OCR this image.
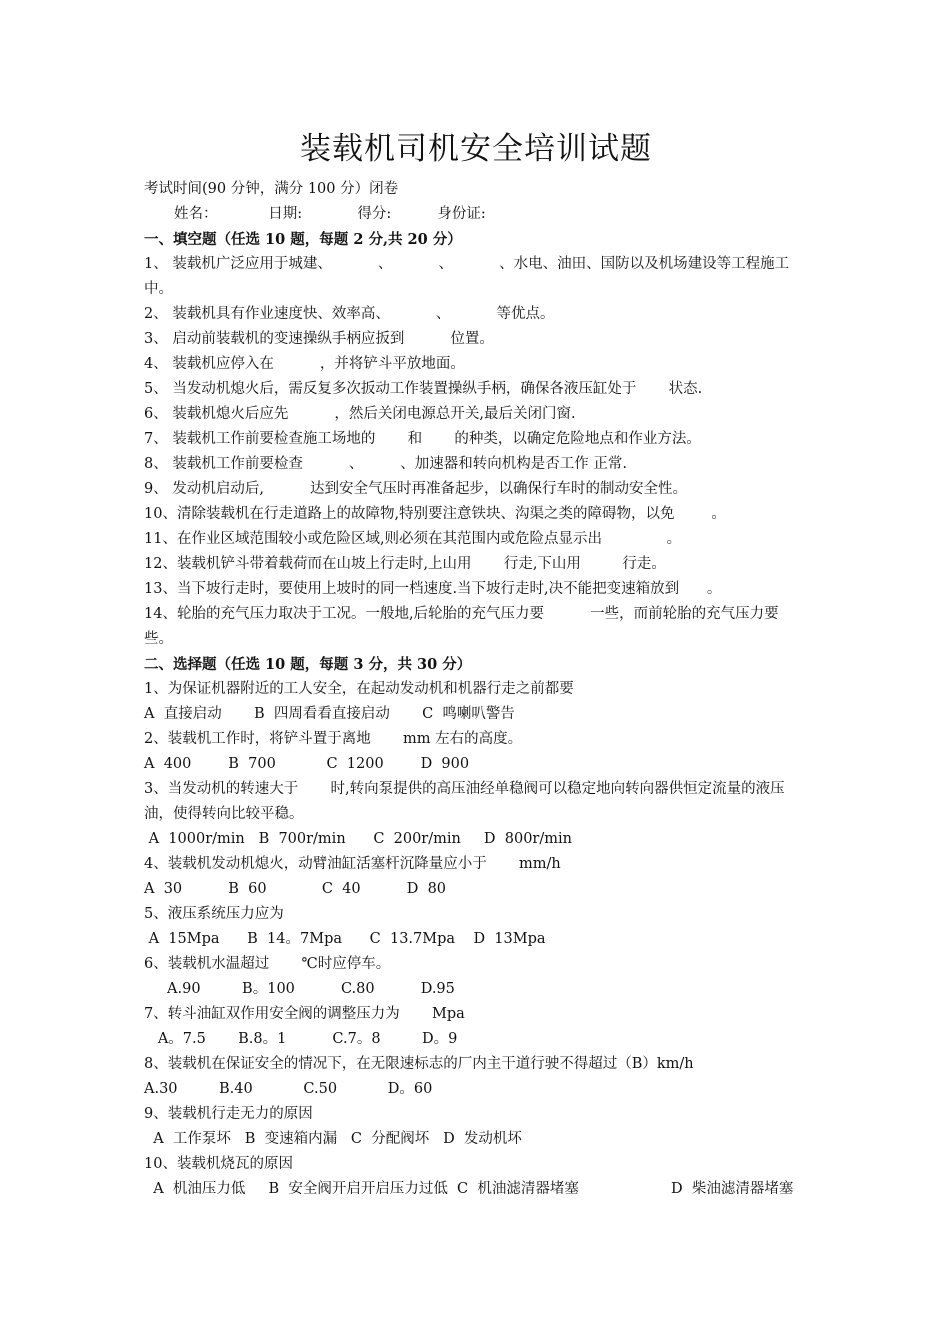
装载机司机安全培训试题

考试时间(90 分钟，满分 100 分）闭卷

姓名：           日期:            得分:          身份证:

一、填空题（任选 10 题，每题 2 分,共 20 分）

1、 装载机广泛应用于城建、          、          、          、水电、油田、国防以及机场建设等工程施工中。

2、 装载机具有作业速度快、效率高、          、          等优点。

3、 启动前装载机的变速操纵手柄应扳到          位置。

4、 装载机应停入在          ，并将铲斗平放地面。

5、 当发动机熄火后，需反复多次扳动工作装置操纵手柄，确保各液压缸处于       状态.

6、 装载机熄火后应先          ，然后关闭电源总开关,最后关闭门窗.

7、 装载机工作前要检查施工场地的       和       的种类，以确定危险地点和作业方法。

8、 装载机工作前要检查          、        、加速器和转向机构是否工作 正常.

9、 发动机启动后,          达到安全气压时再准备起步，以确保行车时的制动安全性。

10、清除装载机在行走道路上的故障物,特别要注意铁块、沟渠之类的障碍物，以免        。

11、在作业区域范围较小或危险区域,则必须在其范围内或危险点显示出              。

12、装载机铲斗带着载荷而在山坡上行走时,上山用       行走,下山用         行走。

13、当下坡行走时，要使用上坡时的同一档速度.当下坡行走时,决不能把变速箱放到      。

14、轮胎的充气压力取决于工况。一般地,后轮胎的充气压力要          一些，而前轮胎的充气压力要         些。

二、选择题（任选 10 题，每题 3 分，共 30 分）

1、为保证机器附近的工人安全，在起动发动机和机器行走之前都要

A  直接启动       B  四周看看直接启动       C  鸣喇叭警告

2、装载机工作时，将铲斗置于离地       mm 左右的高度。

A  400        B  700           C  1200        D  900

3、当发动机的转速大于       时,转向泵提供的高压油经单稳阀可以稳定地向转向器供恒定流量的液压油，使得转向比较平稳。

A  1000r/min   B  700r/min      C  200r/min     D  800r/min

4、装载机发动机熄火，动臂油缸活塞杆沉降量应小于       mm/h

A  30          B  60            C  40          D  80

5、液压系统压力应为

A  15Mpa      B  14。7Mpa      C  13.7Mpa    D  13Mpa

6、装载机水温超过       ℃时应停车。

A.90         B。100          C.80          D.95

7、转斗油缸双作用安全阀的调整压力为       Mpa

A。7.5       B.8。1          C.7。8         D。9

8、装载机在保证安全的情况下，在无限速标志的厂内主干道行驶不得超过（B）km/h

A.30         B.40           C.50           D。60

9、装载机行走无力的原因

A  工作泵坏   B  变速箱内漏   C  分配阀坏   D  发动机坏

10、装载机烧瓦的原因

A  机油压力低     B  安全阀开启开启压力过低  C  机油滤清器堵塞                    D  柴油滤清器堵塞
